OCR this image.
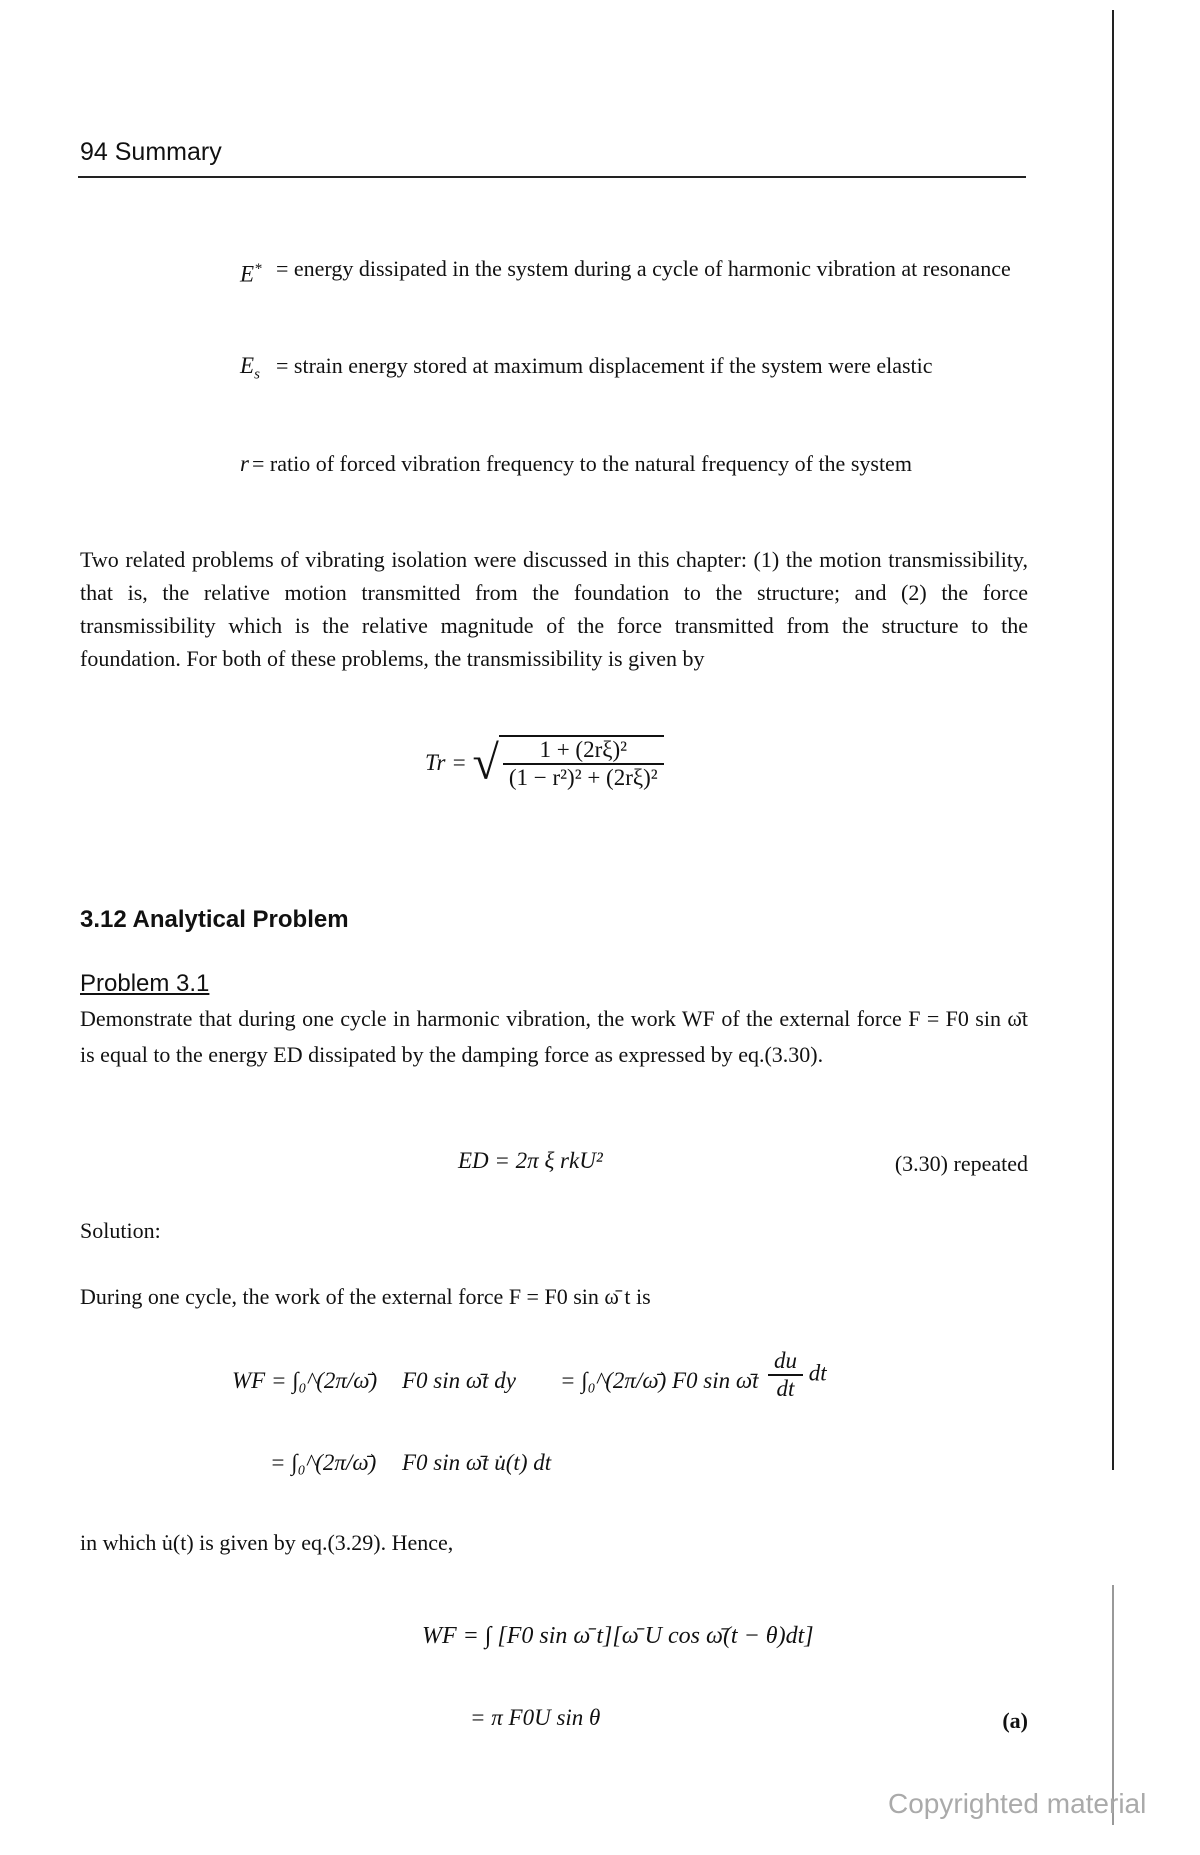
94 Summary
E* = energy dissipated in the system during a cycle of harmonic vibration at resonance
$E_s$ = strain energy stored at maximum displacement if the system were elastic
r = ratio of forced vibration frequency to the natural frequency of the system
Two related problems of vibrating isolation were discussed in this chapter: (1) the motion transmissibility, that is, the relative motion transmitted from the foundation to the structure; and (2) the force transmissibility which is the relative magnitude of the force transmitted from the structure to the foundation. For both of these problems, the transmissibility is given by
Tr = √ $\frac{\text{1 + (2rξ)²}}{\text{(1 − r²)² + (2rξ)²}}$
3.12 Analytical Problem
Problem 3.1
Demonstrate that during one cycle in harmonic vibration, the work WF of the external force F = F0 sin ω̄t is equal to the energy ED dissipated by the damping force as expressed by eq.(3.30).
ED = 2π ξ rkU²	(3.30) repeated
Solution:
During one cycle, the work of the external force F = F0 sin ω̄ t is
WF = ∫₀^(2π/ω̄) F0 sin ω̄t dy = ∫₀^(2π/ω̄) F0 sin ω̄t $\frac{du}{dt}$ dt
= ∫₀^(2π/ω̄) F0 sin ω̄t u̇(t) dt
in which u̇(t) is given by eq.(3.29). Hence,
WF = ∫ [F0 sin ω̄ t][ω̄ U cos ω̄(t − θ)dt]
= π F0U sin θ	(a)
Copyrighted material
